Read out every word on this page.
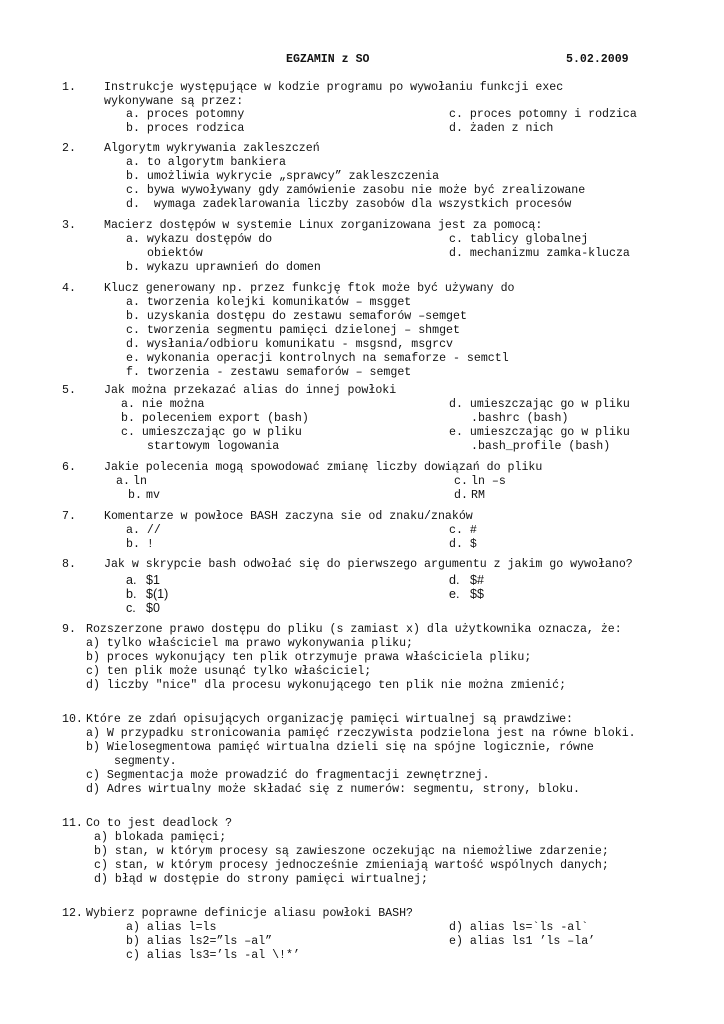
EGZAMIN z SO	5.02.2009
1. Instrukcje występujące w kodzie programu po wywołaniu funkcji exec
wykonywane są przez:
a. proces potomny	c. proces potomny i rodzica
b. proces rodzica	d. żaden z nich
2. Algorytm wykrywania zakleszczeń
a. to algorytm bankiera
b. umożliwia wykrycie „sprawcy” zakleszczenia
c. bywa wywoływany gdy zamówienie zasobu nie może być zrealizowane
d.  wymaga zadeklarowania liczby zasobów dla wszystkich procesów
3. Macierz dostępów w systemie Linux zorganizowana jest za pomocą:
a. wykazu dostępów do	c. tablicy globalnej
obiektów	d. mechanizmu zamka-klucza
b. wykazu uprawnień do domen
4. Klucz generowany np. przez funkcję ftok może być używany do
a. tworzenia kolejki komunikatów – msgget
b. uzyskania dostępu do zestawu semaforów –semget
c. tworzenia segmentu pamięci dzielonej – shmget
d. wysłania/odbioru komunikatu - msgsnd, msgrcv
e. wykonania operacji kontrolnych na semaforze - semctl
f. tworzenia - zestawu semaforów – semget
5. Jak można przekazać alias do innej powłoki
a. nie można	d. umieszczając go w pliku
b. poleceniem export (bash)	.bashrc (bash)
c. umieszczając go w pliku	e. umieszczając go w pliku
startowym logowania	.bash_profile (bash)
6. Jakie polecenia mogą spowodować zmianę liczby dowiązań do pliku
a. ln	c. ln –s
b. mv	d. RM
7. Komentarze w powłoce BASH zaczyna sie od znaku/znaków
a. //	c. #
b. !	d. $
8. Jak w skrypcie bash odwołać się do pierwszego argumentu z jakim go wywołano?
a. $1	d. $#
b. $(1)	e. $$
c. $0
9. Rozszerzone prawo dostępu do pliku (s zamiast x) dla użytkownika oznacza, że:
a) tylko właściciel ma prawo wykonywania pliku;
b) proces wykonujący ten plik otrzymuje prawa właściciela pliku;
c) ten plik może usunąć tylko właściciel;
d) liczby "nice" dla procesu wykonującego ten plik nie można zmienić;
10. Które ze zdań opisujących organizację pamięci wirtualnej są prawdziwe:
a) W przypadku stronicowania pamięć rzeczywista podzielona jest na równe bloki.
b) Wielosegmentowa pamięć wirtualna dzieli się na spójne logicznie, równe
segmenty.
c) Segmentacja może prowadzić do fragmentacji zewnętrznej.
d) Adres wirtualny może składać się z numerów: segmentu, strony, bloku.
11. Co to jest deadlock ?
a) blokada pamięci;
b) stan, w którym procesy są zawieszone oczekując na niemożliwe zdarzenie;
c) stan, w którym procesy jednocześnie zmieniają wartość wspólnych danych;
d) błąd w dostępie do strony pamięci wirtualnej;
12. Wybierz poprawne definicje aliasu powłoki BASH?
a) alias l=ls	d) alias ls=`ls -al`
b) alias ls2=”ls –al”	e) alias ls1 ’ls –la’
c) alias ls3=’ls -al \!*’
